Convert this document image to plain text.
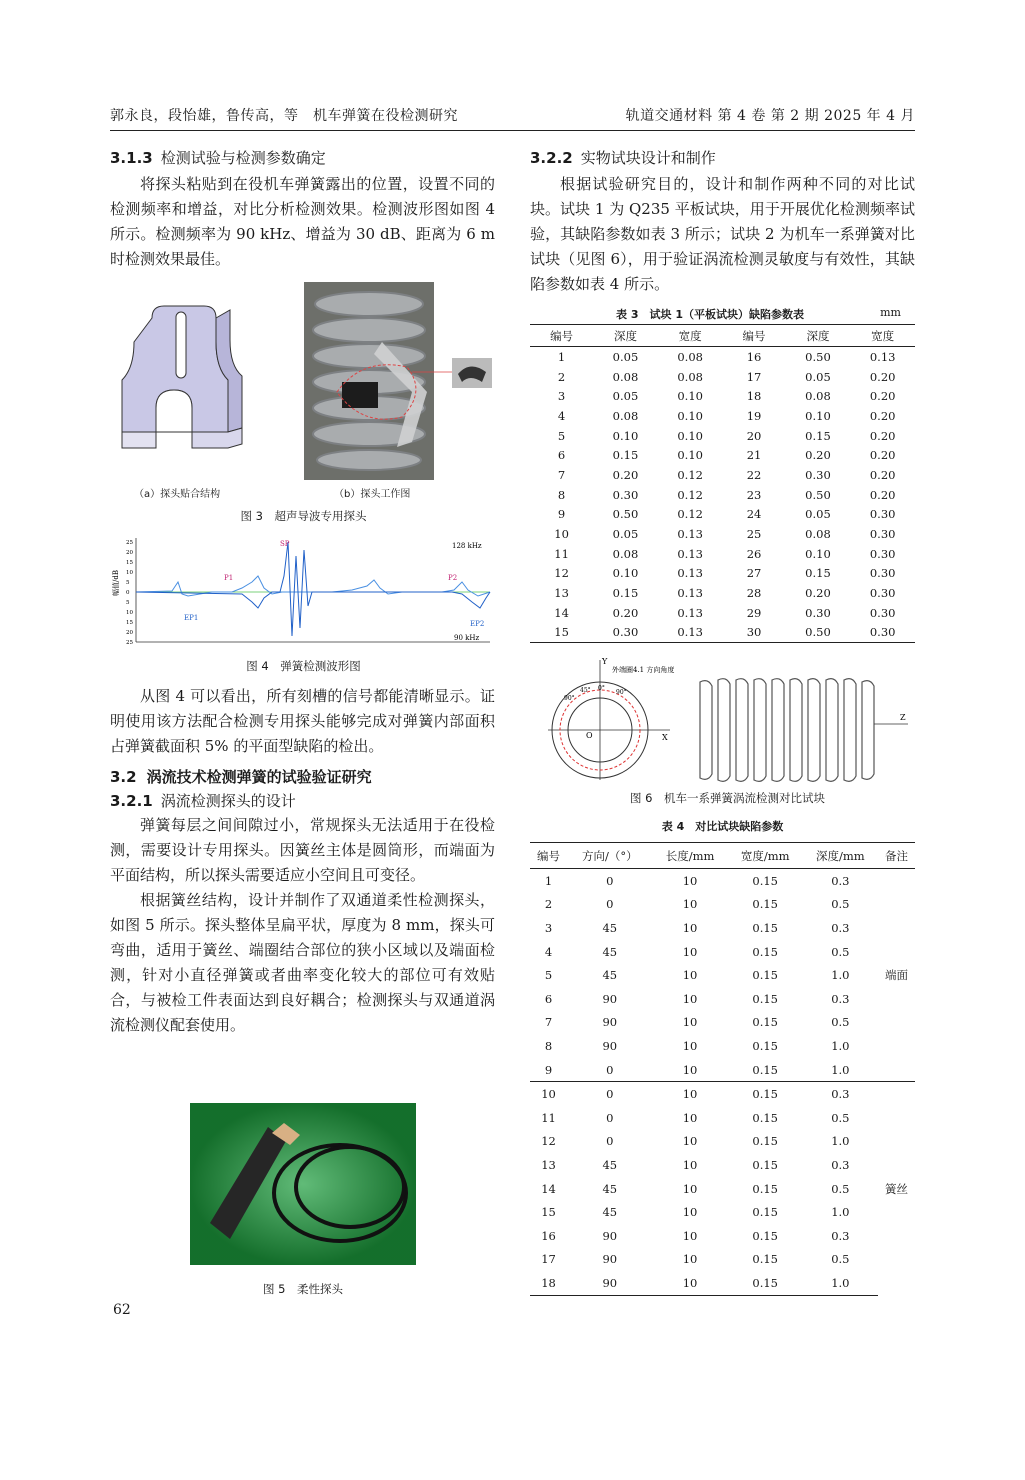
郭永良，段怡雄，鲁传高，等　机车弹簧在役检测研究	轨道交通材料 第 4 卷 第 2 期 2025 年 4 月

3.1.3 检测试验与检测参数确定

将探头粘贴到在役机车弹簧露出的位置，设置不同的检测频率和增益，对比分析检测效果。检测波形图如图 4 所示。检测频率为 90 kHz、增益为 30 dB、距离为 6 m 时检测效果最佳。

（a）探头贴合结构	（b）探头工作图
图 3　超声导波专用探头
25
20
15
10
5
0
5
10
15
20
25
幅值/dB
SP
P1	P2
EP1
EP2
128 kHz
90 kHz
图 4　弹簧检测波形图

从图 4 可以看出，所有刻槽的信号都能清晰显示。证明使用该方法配合检测专用探头能够完成对弹簧内部面积占弹簧截面积 5% 的平面型缺陷的检出。

3.2 涡流技术检测弹簧的试验验证研究

3.2.1 涡流检测探头的设计

弹簧每层之间间隙过小，常规探头无法适用于在役检测，需要设计专用探头。因簧丝主体是圆筒形，而端面为平面结构，所以探头需要适应小空间且可变径。

根据簧丝结构，设计并制作了双通道柔性检测探头，如图 5 所示。探头整体呈扁平状，厚度为 8 mm，探头可弯曲，适用于簧丝、端圈结合部位的狭小区域以及端面检测，针对小直径弹簧或者曲率变化较大的部位可有效贴合，与被检工件表面达到良好耦合；检测探头与双通道涡流检测仪配套使用。

图 5　柔性探头

3.2.2 实物试块设计和制作

根据试验研究目的，设计和制作两种不同的对比试块。试块 1 为 Q235 平板试块，用于开展优化检测频率试验，其缺陷参数如表 3 所示；试块 2 为机车一系弹簧对比试块（见图 6），用于验证涡流检测灵敏度与有效性，其缺陷参数如表 4 所示。

表 3　试块 1（平板试块）缺陷参数表	mm
编号	深度	宽度	编号	深度	宽度
1	0.05	0.08	16	0.50	0.13
2	0.08	0.08	17	0.05	0.20
3	0.05	0.10	18	0.08	0.20
4	0.08	0.10	19	0.10	0.20
5	0.10	0.10	20	0.15	0.20
6	0.15	0.10	21	0.20	0.20
7	0.20	0.12	22	0.30	0.20
8	0.30	0.12	23	0.50	0.20
9	0.50	0.12	24	0.05	0.30
10	0.05	0.13	25	0.08	0.30
11	0.08	0.13	26	0.10	0.30
12	0.10	0.13	27	0.15	0.30
13	0.15	0.13	28	0.20	0.30
14	0.20	0.13	29	0.30	0.30
15	0.30	0.13	30	0.50	0.30
Y
X
O
外端圈4.1 方向角度
90°
45° 0°
90°
Z
图 6　机车一系弹簧涡流检测对比试块
表 4　对比试块缺陷参数
编号	方向/（°）	长度/mm	宽度/mm	深度/mm	备注
1	0	10	0.15	0.3	端面
2	0	10	0.15	0.5	
3	45	10	0.15	0.3	
4	45	10	0.15	0.5	
5	45	10	0.15	1.0	
6	90	10	0.15	0.3	
7	90	10	0.15	0.5	
8	90	10	0.15	1.0	
9	0	10	0.15	1.0	
10	0	10	0.15	0.3	簧丝
11	0	10	0.15	0.5	
12	0	10	0.15	1.0	
13	45	10	0.15	0.3	
14	45	10	0.15	0.5	
15	45	10	0.15	1.0	
16	90	10	0.15	0.3	
17	90	10	0.15	0.5	
18	90	10	0.15	1.0	
62
